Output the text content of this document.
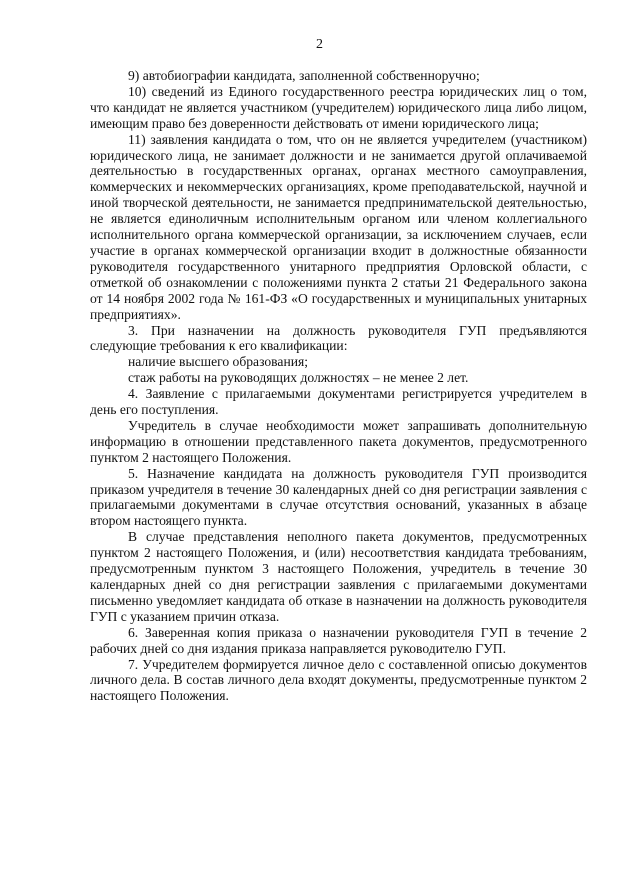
2

9) автобиографии кандидата, заполненной собственноручно;

10) сведений из Единого государственного реестра юридических лиц о том, что кандидат не является участником (учредителем) юридического лица либо лицом, имеющим право без доверенности действовать от имени юридического лица;

11) заявления кандидата о том, что он не является учредителем (участником) юридического лица, не занимает должности и не занимается другой оплачиваемой деятельностью в государственных органах, органах местного самоуправления, коммерческих и некоммерческих организациях, кроме преподавательской, научной и иной творческой деятельности, не занимается предпринимательской деятельностью, не является единоличным исполнительным органом или членом коллегиального исполнительного органа коммерческой организации, за исключением случаев, если участие в органах коммерческой организации входит в должностные обязанности руководителя государственного унитарного предприятия Орловской области, с отметкой об ознакомлении с положениями пункта 2 статьи 21 Федерального закона от 14 ноября 2002 года № 161-ФЗ «О государственных и муниципальных унитарных предприятиях».

3. При назначении на должность руководителя ГУП предъявляются следующие требования к его квалификации:

наличие высшего образования;

стаж работы на руководящих должностях – не менее 2 лет.

4. Заявление с прилагаемыми документами регистрируется учредителем в день его поступления.

Учредитель в случае необходимости может запрашивать дополнительную информацию в отношении представленного пакета документов, предусмотренного пунктом 2 настоящего Положения.

5. Назначение кандидата на должность руководителя ГУП производится приказом учредителя в течение 30 календарных дней со дня регистрации заявления с прилагаемыми документами в случае отсутствия оснований, указанных в абзаце втором настоящего пункта.

В случае представления неполного пакета документов, предусмотренных пунктом 2 настоящего Положения, и (или) несоответствия кандидата требованиям, предусмотренным пунктом 3 настоящего Положения, учредитель в течение 30 календарных дней со дня регистрации заявления с прилагаемыми документами письменно уведомляет кандидата об отказе в назначении на должность руководителя ГУП с указанием причин отказа.

6. Заверенная копия приказа о назначении руководителя ГУП в течение 2 рабочих дней со дня издания приказа направляется руководителю ГУП.

7. Учредителем формируется личное дело с составленной описью документов личного дела. В состав личного дела входят документы, предусмотренные пунктом 2 настоящего Положения.
